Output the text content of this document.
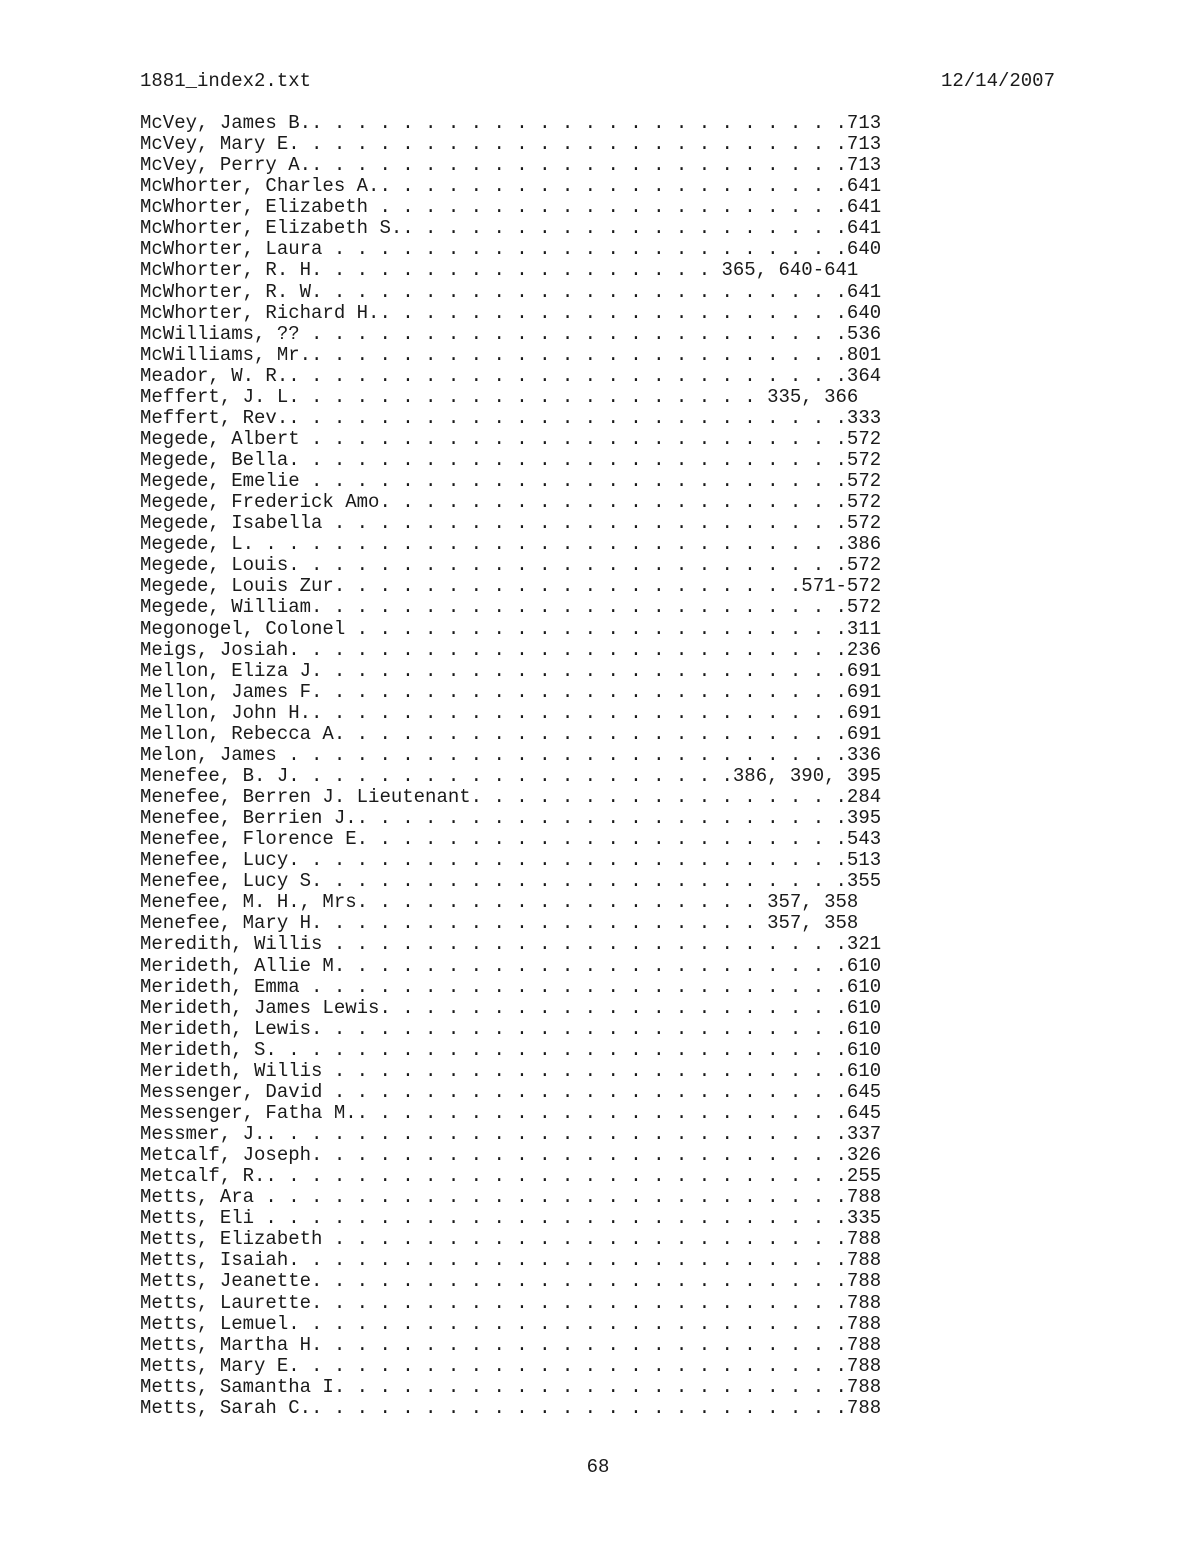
1881_index2.txt	12/14/2007
McVey, James B.. . . . . . . . . . . . . . . . . . . . . . . .713
McVey, Mary E. . . . . . . . . . . . . . . . . . . . . . . . .713
McVey, Perry A.. . . . . . . . . . . . . . . . . . . . . . . .713
McWhorter, Charles A.. . . . . . . . . . . . . . . . . . . . .641
McWhorter, Elizabeth . . . . . . . . . . . . . . . . . . . . .641
McWhorter, Elizabeth S.. . . . . . . . . . . . . . . . . . . .641
McWhorter, Laura . . . . . . . . . . . . . . . . . . . . . . .640
McWhorter, R. H. . . . . . . . . . . . . . . . . . 365, 640-641
McWhorter, R. W. . . . . . . . . . . . . . . . . . . . . . . .641
McWhorter, Richard H.. . . . . . . . . . . . . . . . . . . . .640
McWilliams, ?? . . . . . . . . . . . . . . . . . . . . . . . .536
McWilliams, Mr.. . . . . . . . . . . . . . . . . . . . . . . .801
Meador, W. R.. . . . . . . . . . . . . . . . . . . . . . . . .364
Meffert, J. L. . . . . . . . . . . . . . . . . . . . . 335, 366
Meffert, Rev.. . . . . . . . . . . . . . . . . . . . . . . . .333
Megede, Albert . . . . . . . . . . . . . . . . . . . . . . . .572
Megede, Bella. . . . . . . . . . . . . . . . . . . . . . . . .572
Megede, Emelie . . . . . . . . . . . . . . . . . . . . . . . .572
Megede, Frederick Amo. . . . . . . . . . . . . . . . . . . . .572
Megede, Isabella . . . . . . . . . . . . . . . . . . . . . . .572
Megede, L. . . . . . . . . . . . . . . . . . . . . . . . . . .386
Megede, Louis. . . . . . . . . . . . . . . . . . . . . . . . .572
Megede, Louis Zur. . . . . . . . . . . . . . . . . . . . .571-572
Megede, William. . . . . . . . . . . . . . . . . . . . . . . .572
Megonogel, Colonel . . . . . . . . . . . . . . . . . . . . . .311
Meigs, Josiah. . . . . . . . . . . . . . . . . . . . . . . . .236
Mellon, Eliza J. . . . . . . . . . . . . . . . . . . . . . . .691
Mellon, James F. . . . . . . . . . . . . . . . . . . . . . . .691
Mellon, John H.. . . . . . . . . . . . . . . . . . . . . . . .691
Mellon, Rebecca A. . . . . . . . . . . . . . . . . . . . . . .691
Melon, James . . . . . . . . . . . . . . . . . . . . . . . . .336
Menefee, B. J. . . . . . . . . . . . . . . . . . . .386, 390, 395
Menefee, Berren J. Lieutenant. . . . . . . . . . . . . . . . .284
Menefee, Berrien J.. . . . . . . . . . . . . . . . . . . . . .395
Menefee, Florence E. . . . . . . . . . . . . . . . . . . . . .543
Menefee, Lucy. . . . . . . . . . . . . . . . . . . . . . . . .513
Menefee, Lucy S. . . . . . . . . . . . . . . . . . . . . . . .355
Menefee, M. H., Mrs. . . . . . . . . . . . . . . . . . 357, 358
Menefee, Mary H. . . . . . . . . . . . . . . . . . . . 357, 358
Meredith, Willis . . . . . . . . . . . . . . . . . . . . . . .321
Merideth, Allie M. . . . . . . . . . . . . . . . . . . . . . .610
Merideth, Emma . . . . . . . . . . . . . . . . . . . . . . . .610
Merideth, James Lewis. . . . . . . . . . . . . . . . . . . . .610
Merideth, Lewis. . . . . . . . . . . . . . . . . . . . . . . .610
Merideth, S. . . . . . . . . . . . . . . . . . . . . . . . . .610
Merideth, Willis . . . . . . . . . . . . . . . . . . . . . . .610
Messenger, David . . . . . . . . . . . . . . . . . . . . . . .645
Messenger, Fatha M.. . . . . . . . . . . . . . . . . . . . . .645
Messmer, J.. . . . . . . . . . . . . . . . . . . . . . . . . .337
Metcalf, Joseph. . . . . . . . . . . . . . . . . . . . . . . .326
Metcalf, R.. . . . . . . . . . . . . . . . . . . . . . . . . .255
Metts, Ara . . . . . . . . . . . . . . . . . . . . . . . . . .788
Metts, Eli . . . . . . . . . . . . . . . . . . . . . . . . . .335
Metts, Elizabeth . . . . . . . . . . . . . . . . . . . . . . .788
Metts, Isaiah. . . . . . . . . . . . . . . . . . . . . . . . .788
Metts, Jeanette. . . . . . . . . . . . . . . . . . . . . . . .788
Metts, Laurette. . . . . . . . . . . . . . . . . . . . . . . .788
Metts, Lemuel. . . . . . . . . . . . . . . . . . . . . . . . .788
Metts, Martha H. . . . . . . . . . . . . . . . . . . . . . . .788
Metts, Mary E. . . . . . . . . . . . . . . . . . . . . . . . .788
Metts, Samantha I. . . . . . . . . . . . . . . . . . . . . . .788
Metts, Sarah C.. . . . . . . . . . . . . . . . . . . . . . . .788
68
